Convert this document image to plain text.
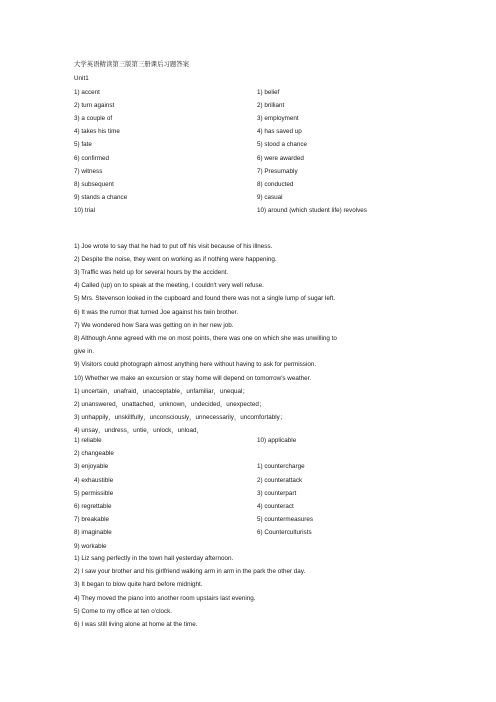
大学英语精读第三版第三册课后习题答案
Unit1
1) accent	1) belief
2) turn against	2) brilliant
3) a couple of	3) employment
4) takes his time	4) has saved up
5) fate	5) stood a chance
6) confirmed	6) were awarded
7) witness	7) Presumably
8) subsequent	8) conducted
9) stands a chance	9) casual
10) trial	10) around (which student life) revolves
1) Joe wrote to say that he had to put off his visit because of his illness.
2) Despite the noise, they went on working as if nothing were happening.
3) Traffic was held up for several hours by the accident.
4) Called (up) on to speak at the meeting, I couldn't very well refuse.
5) Mrs. Stevenson looked in the cupboard and found there was not a single lump of sugar left.
6) It was the rumor that turned Joe against his twin brother.
7) We wondered how Sara was getting on in her new job.
8) Although Anne agreed with me on most points, there was one on which she was unwilling to
give in.
9) Visitors could photograph almost anything here without having to ask for permission.
10) Whether we make an excursion or stay home will depend on tomorrow's weather.
1) uncertain，unafraid，unacceptable，unfamiliar，unequal；
2) unanswered，unattached，unknown，undecided，unexpected；
3) unhappily，unskillfully，unconsciously，unnecessarily，uncomfortably；
4) unsay，undress，untie，unlock，unload，
1) reliable	10) applicable
2) changeable
3) enjoyable	1) countercharge
4) exhaustible	2) counterattack
5) permissible	3) counterpart
6) regrettable	4) counteract
7) breakable	5) countermeasures
8) imaginable	6) Counterculturists
9) workable
1) Liz sang perfectly in the town hall yesterday afternoon.
2) I saw your brother and his girlfriend walking arm in arm in the park the other day.
3) It began to blow quite hard before midnight.
4) They moved the piano into another room upstairs last evening.
5) Come to my office at ten o'clock.
6) I was still living alone at home at the time.
